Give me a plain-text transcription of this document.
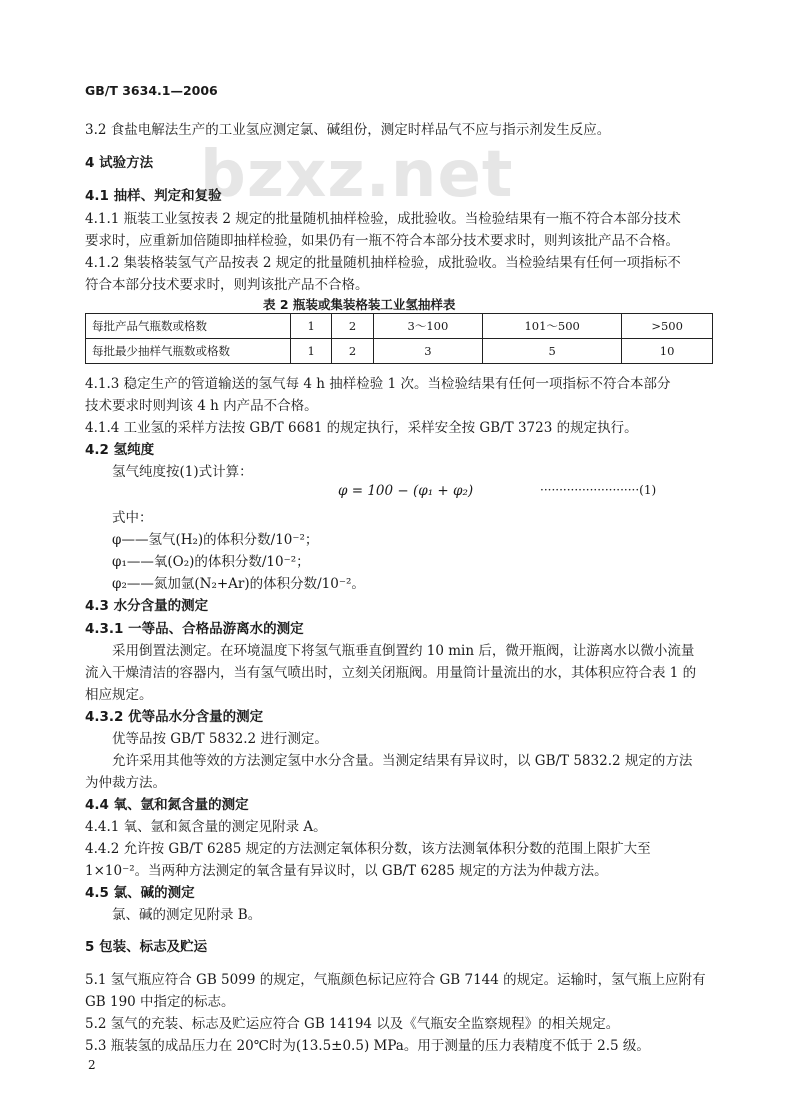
bzxz.net
GB/T 3634.1—2006
3.2 食盐电解法生产的工业氢应测定氯、碱组份，测定时样品气不应与指示剂发生反应。
4 试验方法
4.1 抽样、判定和复验
4.1.1 瓶装工业氢按表 2 规定的批量随机抽样检验，成批验收。当检验结果有一瓶不符合本部分技术
要求时，应重新加倍随即抽样检验，如果仍有一瓶不符合本部分技术要求时，则判该批产品不合格。
4.1.2 集装格装氢气产品按表 2 规定的批量随机抽样检验，成批验收。当检验结果有任何一项指标不
符合本部分技术要求时，则判该批产品不合格。
表 2 瓶装或集装格装工业氢抽样表
每批产品气瓶数或格数	1	2	3～100	101～500	>500
每批最少抽样气瓶数或格数	1	2	3	5	10
4.1.3 稳定生产的管道输送的氢气每 4 h 抽样检验 1 次。当检验结果有任何一项指标不符合本部分
技术要求时则判该 4 h 内产品不合格。
4.1.4 工业氢的采样方法按 GB/T 6681 的规定执行，采样安全按 GB/T 3723 的规定执行。
4.2 氢纯度
氢气纯度按(1)式计算：
φ = 100 − (φ₁ + φ₂)	··························(1)
式中：
φ——氢气(H₂)的体积分数/10⁻²；
φ₁——氧(O₂)的体积分数/10⁻²；
φ₂——氮加氩(N₂+Ar)的体积分数/10⁻²。
4.3 水分含量的测定
4.3.1 一等品、合格品游离水的测定
采用倒置法测定。在环境温度下将氢气瓶垂直倒置约 10 min 后，微开瓶阀，让游离水以微小流量
流入干燥清洁的容器内，当有氢气喷出时，立刻关闭瓶阀。用量筒计量流出的水，其体积应符合表 1 的
相应规定。
4.3.2 优等品水分含量的测定
优等品按 GB/T 5832.2 进行测定。
允许采用其他等效的方法测定氢中水分含量。当测定结果有异议时，以 GB/T 5832.2 规定的方法
为仲裁方法。
4.4 氧、氩和氮含量的测定
4.4.1 氧、氩和氮含量的测定见附录 A。
4.4.2 允许按 GB/T 6285 规定的方法测定氧体积分数，该方法测氧体积分数的范围上限扩大至
1×10⁻²。当两种方法测定的氧含量有异议时，以 GB/T 6285 规定的方法为仲裁方法。
4.5 氯、碱的测定
氯、碱的测定见附录 B。
5 包装、标志及贮运
5.1 氢气瓶应符合 GB 5099 的规定，气瓶颜色标记应符合 GB 7144 的规定。运输时，氢气瓶上应附有
GB 190 中指定的标志。
5.2 氢气的充装、标志及贮运应符合 GB 14194 以及《气瓶安全监察规程》的相关规定。
5.3 瓶装氢的成品压力在 20℃时为(13.5±0.5) MPa。用于测量的压力表精度不低于 2.5 级。
2
